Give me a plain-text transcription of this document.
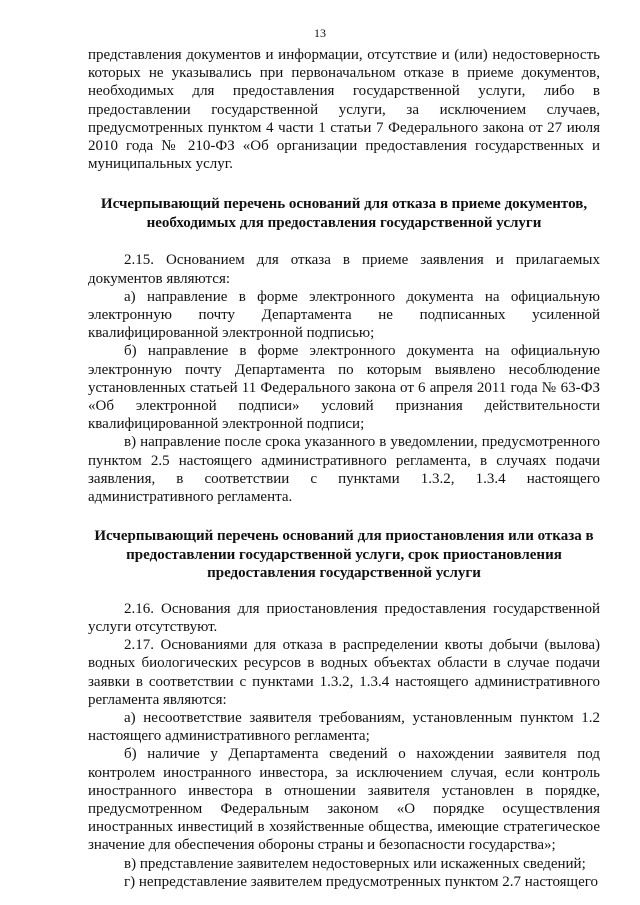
13

представления документов и информации, отсутствие и (или) недостоверность которых не указывались при первоначальном отказе в приеме документов, необходимых для предоставления государственной услуги, либо в предоставлении государственной услуги, за исключением случаев, предусмотренных пунктом 4 части 1 статьи 7 Федерального закона от 27 июля 2010 года № 210-ФЗ «Об организации предоставления государственных и муниципальных услуг.

Исчерпывающий перечень оснований для отказа в приеме документов, необходимых для предоставления государственной услуги

2.15. Основанием для отказа в приеме заявления и прилагаемых документов являются:

а) направление в форме электронного документа на официальную электронную почту Департамента не подписанных усиленной квалифицированной электронной подписью;

б) направление в форме электронного документа на официальную электронную почту Департамента по которым выявлено несоблюдение установленных статьей 11 Федерального закона от 6 апреля 2011 года № 63-ФЗ «Об электронной подписи» условий признания действительности квалифицированной электронной подписи;

в) направление после срока указанного в уведомлении, предусмотренного пунктом 2.5 настоящего административного регламента, в случаях подачи заявления, в соответствии с пунктами 1.3.2, 1.3.4 настоящего административного регламента.

Исчерпывающий перечень оснований для приостановления или отказа в предоставлении государственной услуги, срок приостановления предоставления государственной услуги

2.16. Основания для приостановления предоставления государственной услуги отсутствуют.

2.17. Основаниями для отказа в распределении квоты добычи (вылова) водных биологических ресурсов в водных объектах области в случае подачи заявки в соответствии с пунктами 1.3.2, 1.3.4 настоящего административного регламента являются:

а) несоответствие заявителя требованиям, установленным пунктом 1.2 настоящего административного регламента;

б) наличие у Департамента сведений о нахождении заявителя под контролем иностранного инвестора, за исключением случая, если контроль иностранного инвестора в отношении заявителя установлен в порядке, предусмотренном Федеральным законом «О порядке осуществления иностранных инвестиций в хозяйственные общества, имеющие стратегическое значение для обеспечения обороны страны и безопасности государства»;

в) представление заявителем недостоверных или искаженных сведений;

г) непредставление заявителем предусмотренных пунктом 2.7 настоящего
